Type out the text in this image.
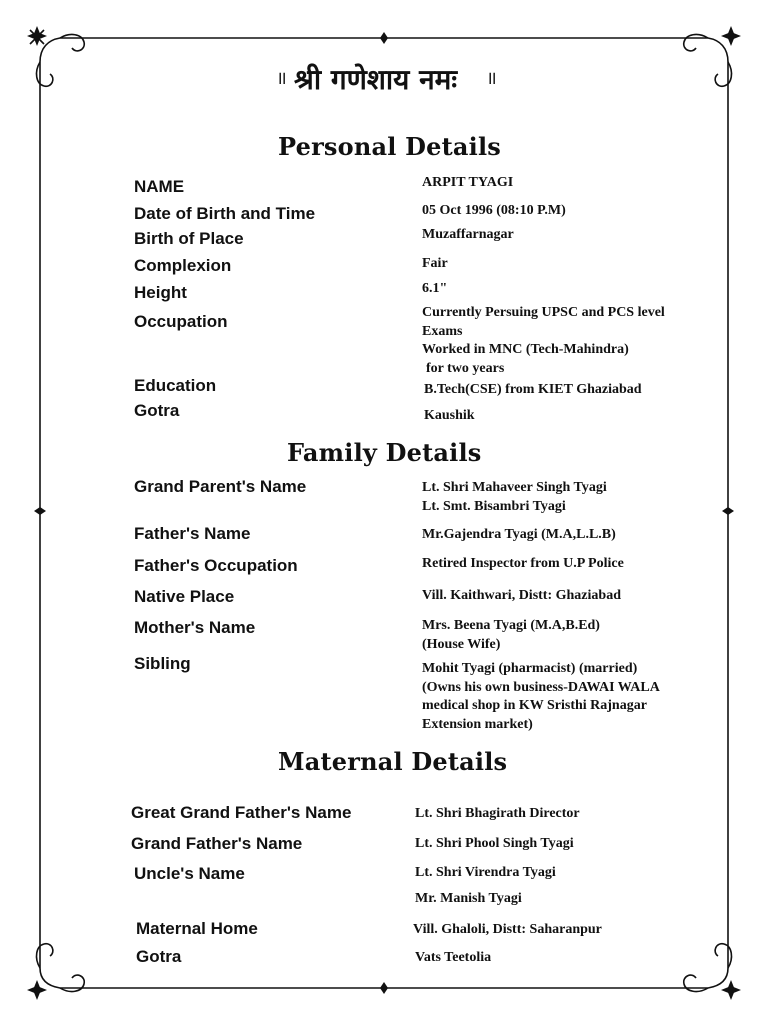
॥ श्री गणेशाय नमः ॥
Personal Details
NAME	ARPIT TYAGI
Date of Birth and Time	05 Oct 1996 (08:10 P.M)
Birth of Place	Muzaffarnagar
Complexion	Fair
Height	6.1"
Occupation	Currently Persuing UPSC and PCS level
Exams
Worked in MNC (Tech-Mahindra)
for two years
Education	B.Tech(CSE) from KIET Ghaziabad
Gotra	Kaushik
Family Details
Grand Parent's Name	Lt. Shri Mahaveer Singh Tyagi
Lt. Smt. Bisambri Tyagi
Father's Name	Mr.Gajendra Tyagi (M.A,L.L.B)
Father's Occupation	Retired Inspector from U.P Police
Native Place	Vill. Kaithwari, Distt: Ghaziabad
Mother's Name	Mrs. Beena Tyagi (M.A,B.Ed)
(House Wife)
Sibling	Mohit Tyagi (pharmacist) (married)
(Owns his own business-DAWAI WALA
medical shop in KW Sristhi Rajnagar
Extension market)
Maternal Details
Great Grand Father's Name	Lt. Shri Bhagirath Director
Grand Father's Name	Lt. Shri Phool Singh Tyagi
Uncle's Name	Lt. Shri Virendra Tyagi
Mr. Manish Tyagi
Maternal Home	Vill. Ghaloli, Distt: Saharanpur
Gotra	Vats Teetolia
